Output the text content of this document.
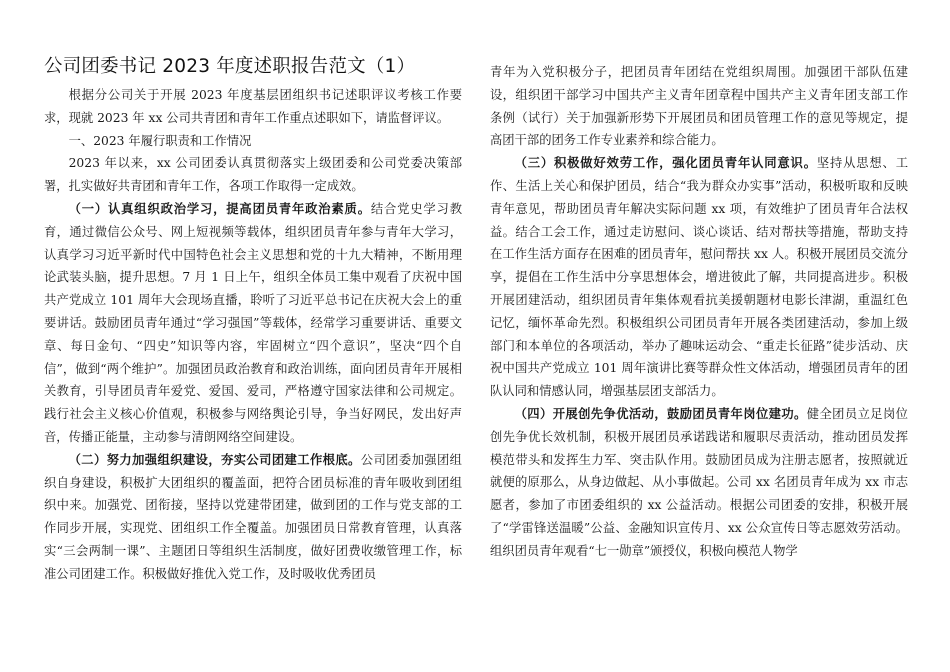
公司团委书记 2023 年度述职报告范文（1）

根据分公司关于开展 2023 年度基层团组织书记述职评议考核工作要求，现就 2023 年 xx 公司共青团和青年工作重点述职如下，请监督评议。

一、2023 年履行职责和工作情况

2023 年以来，xx 公司团委认真贯彻落实上级团委和公司党委决策部署，扎实做好共青团和青年工作，各项工作取得一定成效。

（一）认真组织政治学习，提高团员青年政治素质。结合党史学习教育，通过微信公众号、网上短视频等载体，组织团员青年参与青年大学习，认真学习习近平新时代中国特色社会主义思想和党的十九大精神，不断用理论武装头脑，提升思想。7 月 1 日上午，组织全体员工集中观看了庆祝中国共产党成立 101 周年大会现场直播，聆听了习近平总书记在庆祝大会上的重要讲话。鼓励团员青年通过“学习强国”等载体，经常学习重要讲话、重要文章、每日金句、“四史”知识等内容，牢固树立“四个意识”，坚决“四个自信”，做到“两个维护”。加强团员政治教育和政治训练，面向团员青年开展相关教育，引导团员青年爱党、爱国、爱司，严格遵守国家法律和公司规定。践行社会主义核心价值观，积极参与网络舆论引导，争当好网民，发出好声音，传播正能量，主动参与清朗网络空间建设。

（二）努力加强组织建设，夯实公司团建工作根底。公司团委加强团组织自身建设，积极扩大团组织的覆盖面，把符合团员标准的青年吸收到团组织中来。加强党、团衔接，坚持以党建带团建，做到团的工作与党支部的工作同步开展，实现党、团组织工作全覆盖。加强团员日常教育管理，认真落实“三会两制一课”、主题团日等组织生活制度，做好团费收缴管理工作，标准公司团建工作。积极做好推优入党工作，及时吸收优秀团员

青年为入党积极分子，把团员青年团结在党组织周围。加强团干部队伍建设，组织团干部学习中国共产主义青年团章程中国共产主义青年团支部工作条例（试行）关于加强新形势下开展团员和团员管理工作的意见等规定，提高团干部的团务工作专业素养和综合能力。

（三）积极做好效劳工作，强化团员青年认同意识。坚持从思想、工作、生活上关心和保护团员，结合“我为群众办实事”活动，积极听取和反映青年意见，帮助团员青年解决实际问题 xx 项，有效维护了团员青年合法权益。结合工会工作，通过走访慰问、谈心谈话、结对帮扶等措施，帮助支持在工作生活方面存在困难的团员青年，慰问帮扶 xx 人。积极开展团员交流分享，提倡在工作生活中分享思想体会，增进彼此了解，共同提高进步。积极开展团建活动，组织团员青年集体观看抗美援朝题材电影长津湖，重温红色记忆，缅怀革命先烈。积极组织公司团员青年开展各类团建活动，参加上级部门和本单位的各项活动，举办了趣味运动会、“重走长征路”徒步活动、庆祝中国共产党成立 101 周年演讲比赛等群众性文体活动，增强团员青年的团队认同和情感认同，增强基层团支部活力。

（四）开展创先争优活动，鼓励团员青年岗位建功。健全团员立足岗位创先争优长效机制，积极开展团员承诺践诺和履职尽责活动，推动团员发挥模范带头和发挥生力军、突击队作用。鼓励团员成为注册志愿者，按照就近就便的原那么，从身边做起、从小事做起。公司 xx 名团员青年成为 xx 市志愿者，参加了市团委组织的 xx 公益活动。根据公司团委的安排，积极开展了“学雷锋送温暖”公益、金融知识宣传月、xx 公众宣传日等志愿效劳活动。组织团员青年观看“七一勋章”颁授仪，积极向模范人物学
